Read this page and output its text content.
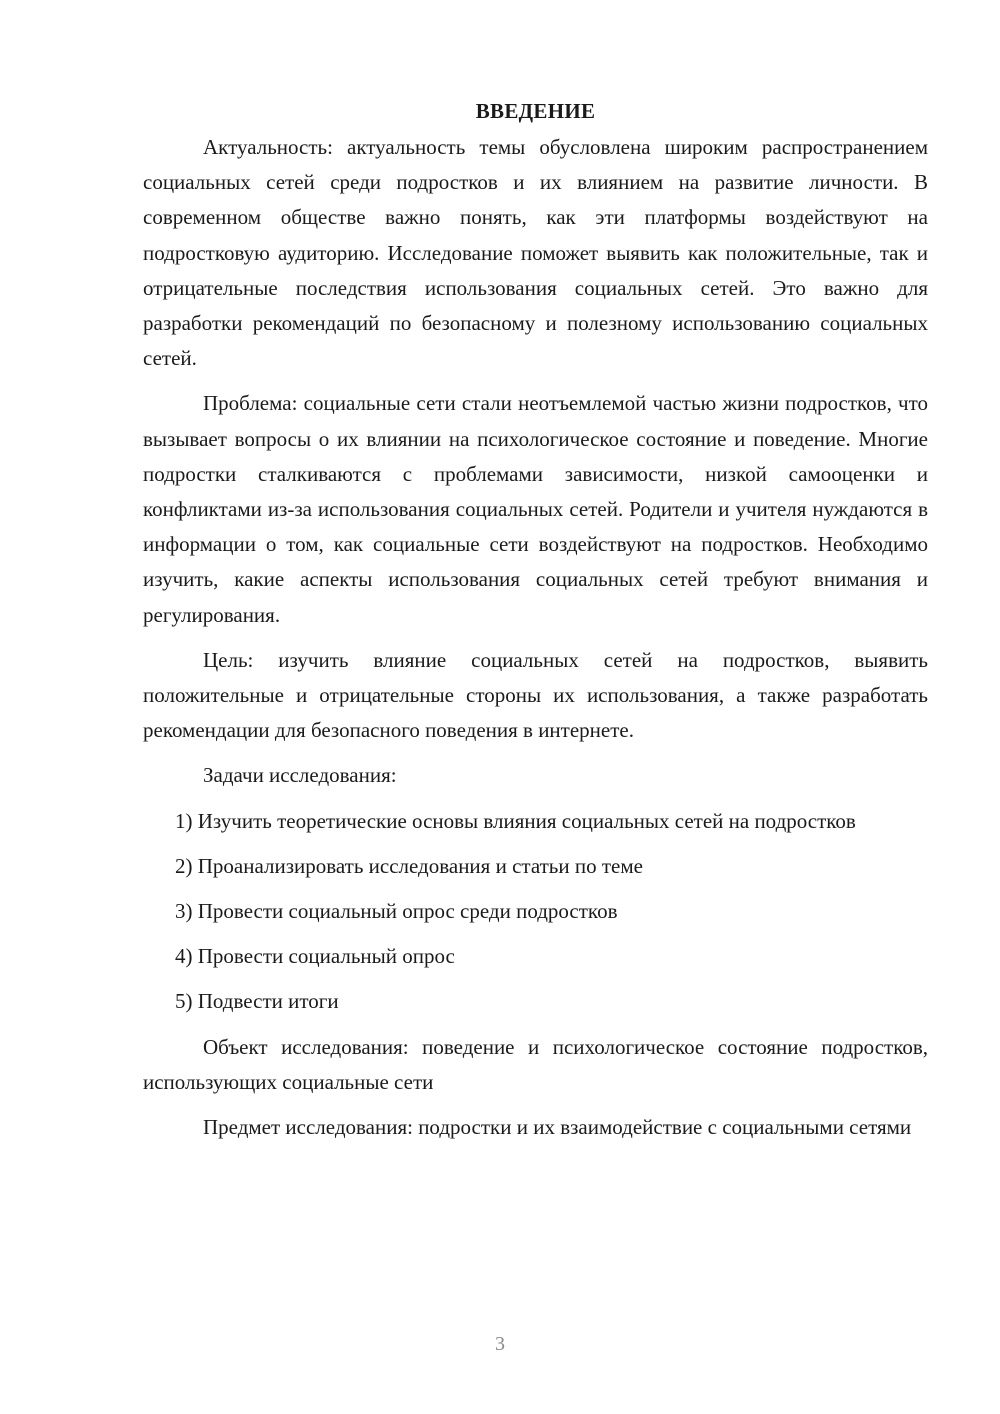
ВВЕДЕНИЕ

Актуальность: актуальность темы обусловлена широким распространением социальных сетей среди подростков и их влиянием на развитие личности. В современном обществе важно понять, как эти платформы воздействуют на подростковую аудиторию. Исследование поможет выявить как положительные, так и отрицательные последствия использования социальных сетей. Это важно для разработки рекомендаций по безопасному и полезному использованию социальных сетей.

Проблема: социальные сети стали неотъемлемой частью жизни подростков, что вызывает вопросы о их влиянии на психологическое состояние и поведение. Многие подростки сталкиваются с проблемами зависимости, низкой самооценки и конфликтами из-за использования социальных сетей. Родители и учителя нуждаются в информации о том, как социальные сети воздействуют на подростков. Необходимо изучить, какие аспекты использования социальных сетей требуют внимания и регулирования.

Цель: изучить влияние социальных сетей на подростков, выявить положительные и отрицательные стороны их использования, а также разработать рекомендации для безопасного поведения в интернете.

Задачи исследования:

1) Изучить теоретические основы влияния социальных сетей на подростков

2) Проанализировать исследования и статьи по теме

3) Провести социальный опрос среди подростков

4) Провести социальный опрос

5) Подвести итоги

Объект исследования: поведение и психологическое состояние подростков, использующих социальные сети

Предмет исследования: подростки и их взаимодействие с социальными сетями

3
